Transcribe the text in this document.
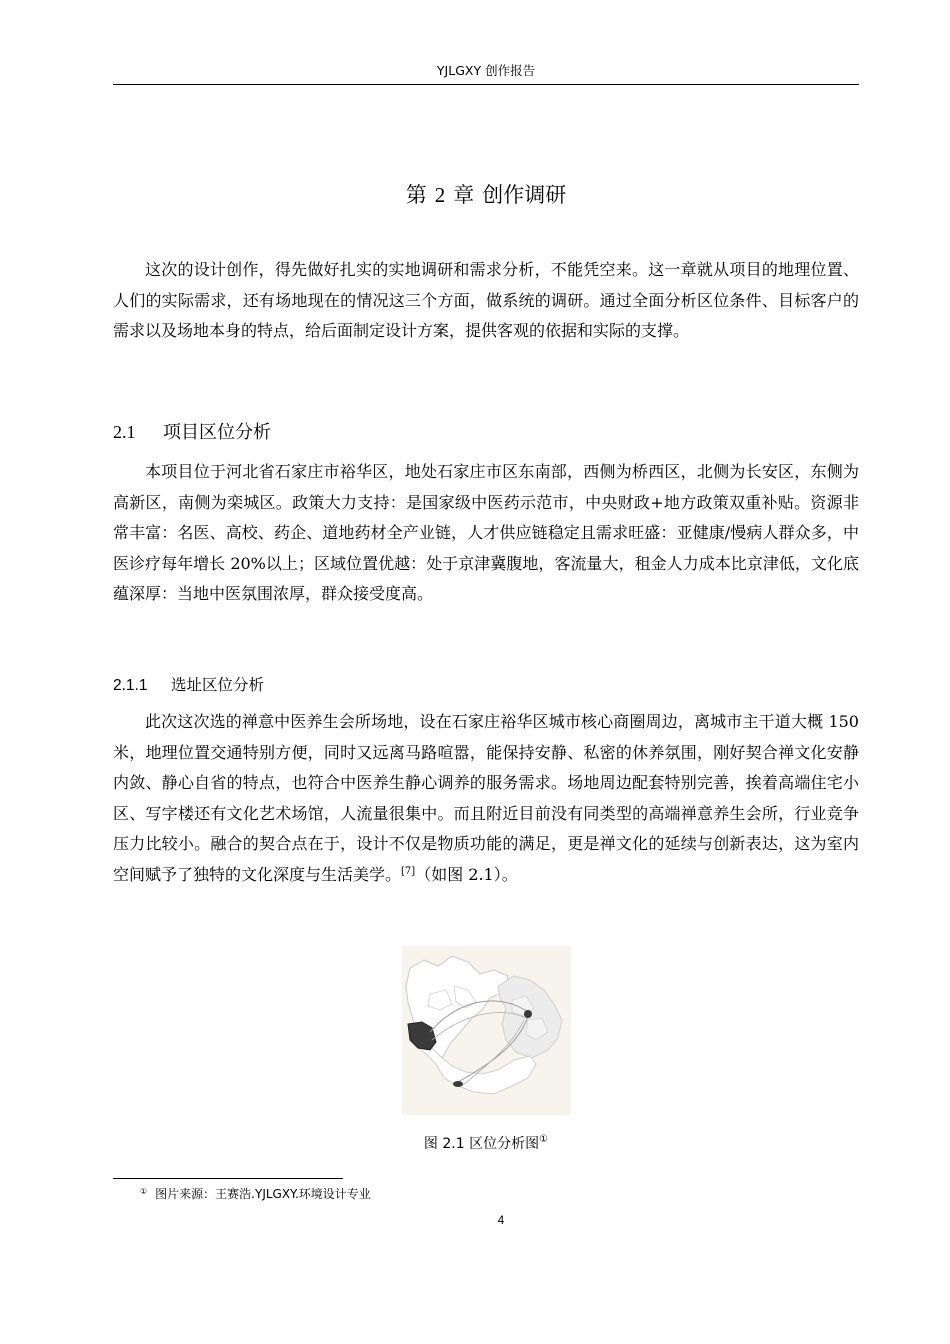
YJLGXY 创作报告
第 2 章 创作调研

这次的设计创作，得先做好扎实的实地调研和需求分析，不能凭空来。这一章就从项目的地理位置、人们的实际需求，还有场地现在的情况这三个方面，做系统的调研。通过全面分析区位条件、目标客户的需求以及场地本身的特点，给后面制定设计方案，提供客观的依据和实际的支撑。

2.1 项目区位分析

本项目位于河北省石家庄市裕华区，地处石家庄市区东南部，西侧为桥西区，北侧为长安区，东侧为高新区，南侧为栾城区。政策大力支持：是国家级中医药示范市，中央财政+地方政策双重补贴。资源非常丰富：名医、高校、药企、道地药材全产业链，人才供应链稳定且需求旺盛：亚健康/慢病人群众多，中医诊疗每年增长 20%以上；区域位置优越：处于京津冀腹地，客流量大，租金人力成本比京津低，文化底蕴深厚：当地中医氛围浓厚，群众接受度高。

2.1.1 选址区位分析

此次这次选的禅意中医养生会所场地，设在石家庄裕华区城市核心商圈周边，离城市主干道大概 150 米，地理位置交通特别方便，同时又远离马路喧嚣，能保持安静、私密的休养氛围，刚好契合禅文化安静内敛、静心自省的特点，也符合中医养生静心调养的服务需求。场地周边配套特别完善，挨着高端住宅小区、写字楼还有文化艺术场馆，人流量很集中。而且附近目前没有同类型的高端禅意养生会所，行业竞争压力比较小。融合的契合点在于，设计不仅是物质功能的满足，更是禅文化的延续与创新表达，这为室内空间赋予了独特的文化深度与生活美学。[7]（如图 2.1）。

图 2.1 区位分析图①
① 图片来源：王赛浩.YJLGXY.环境设计专业
4
